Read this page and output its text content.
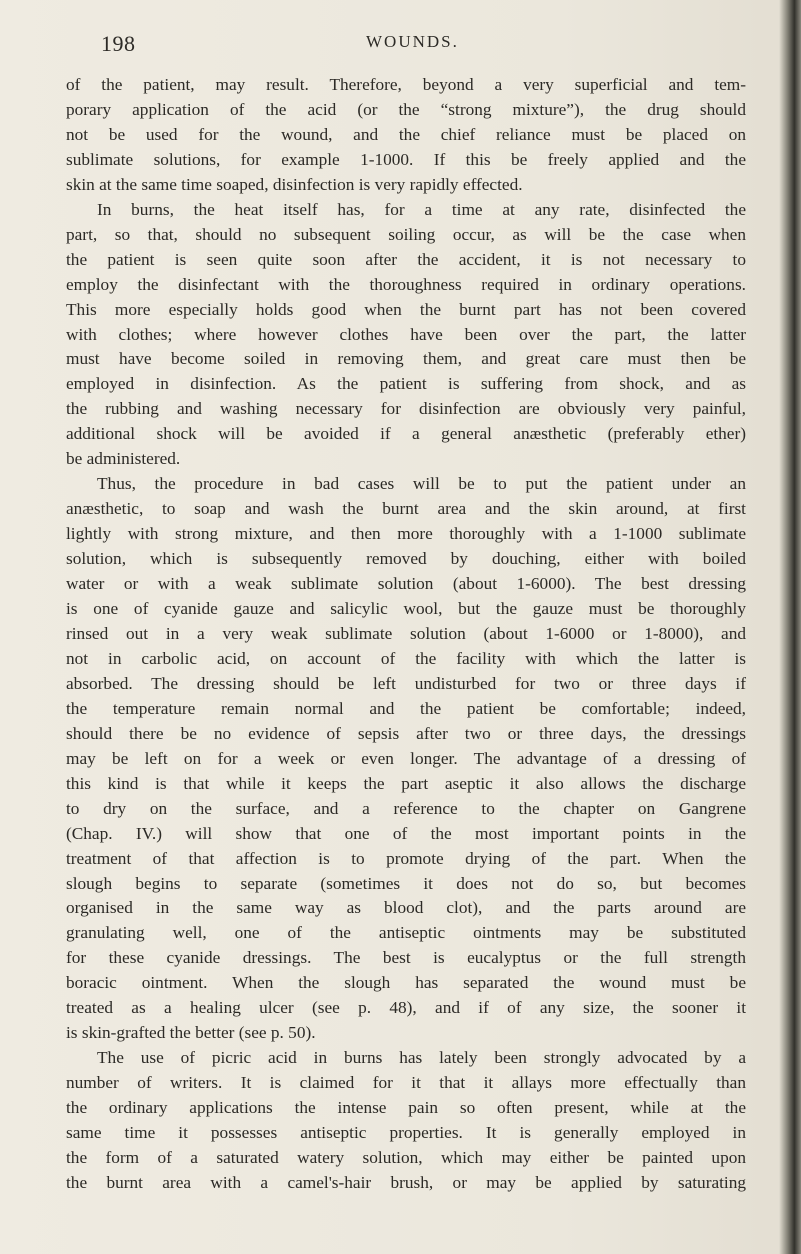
198	WOUNDS.
of the patient, may result. Therefore, beyond a very superficial and tem-
porary application of the acid (or the “strong mixture”), the drug should
not be used for the wound, and the chief reliance must be placed on
sublimate solutions, for example 1-1000. If this be freely applied and the
skin at the same time soaped, disinfection is very rapidly effected.
In burns, the heat itself has, for a time at any rate, disinfected the
part, so that, should no subsequent soiling occur, as will be the case when
the patient is seen quite soon after the accident, it is not necessary to
employ the disinfectant with the thoroughness required in ordinary operations.
This more especially holds good when the burnt part has not been covered
with clothes; where however clothes have been over the part, the latter
must have become soiled in removing them, and great care must then be
employed in disinfection. As the patient is suffering from shock, and as
the rubbing and washing necessary for disinfection are obviously very painful,
additional shock will be avoided if a general anæsthetic (preferably ether)
be administered.
Thus, the procedure in bad cases will be to put the patient under an
anæsthetic, to soap and wash the burnt area and the skin around, at first
lightly with strong mixture, and then more thoroughly with a 1-1000 sublimate
solution, which is subsequently removed by douching, either with boiled
water or with a weak sublimate solution (about 1-6000). The best dressing
is one of cyanide gauze and salicylic wool, but the gauze must be thoroughly
rinsed out in a very weak sublimate solution (about 1-6000 or 1-8000), and
not in carbolic acid, on account of the facility with which the latter is
absorbed. The dressing should be left undisturbed for two or three days if
the temperature remain normal and the patient be comfortable; indeed,
should there be no evidence of sepsis after two or three days, the dressings
may be left on for a week or even longer. The advantage of a dressing of
this kind is that while it keeps the part aseptic it also allows the discharge
to dry on the surface, and a reference to the chapter on Gangrene
(Chap. IV.) will show that one of the most important points in the
treatment of that affection is to promote drying of the part. When the
slough begins to separate (sometimes it does not do so, but becomes
organised in the same way as blood clot), and the parts around are
granulating well, one of the antiseptic ointments may be substituted
for these cyanide dressings. The best is eucalyptus or the full strength
boracic ointment. When the slough has separated the wound must be
treated as a healing ulcer (see p. 48), and if of any size, the sooner it
is skin-grafted the better (see p. 50).
The use of picric acid in burns has lately been strongly advocated by a
number of writers. It is claimed for it that it allays more effectually than
the ordinary applications the intense pain so often present, while at the
same time it possesses antiseptic properties. It is generally employed in
the form of a saturated watery solution, which may either be painted upon
the burnt area with a camel's-hair brush, or may be applied by saturating
